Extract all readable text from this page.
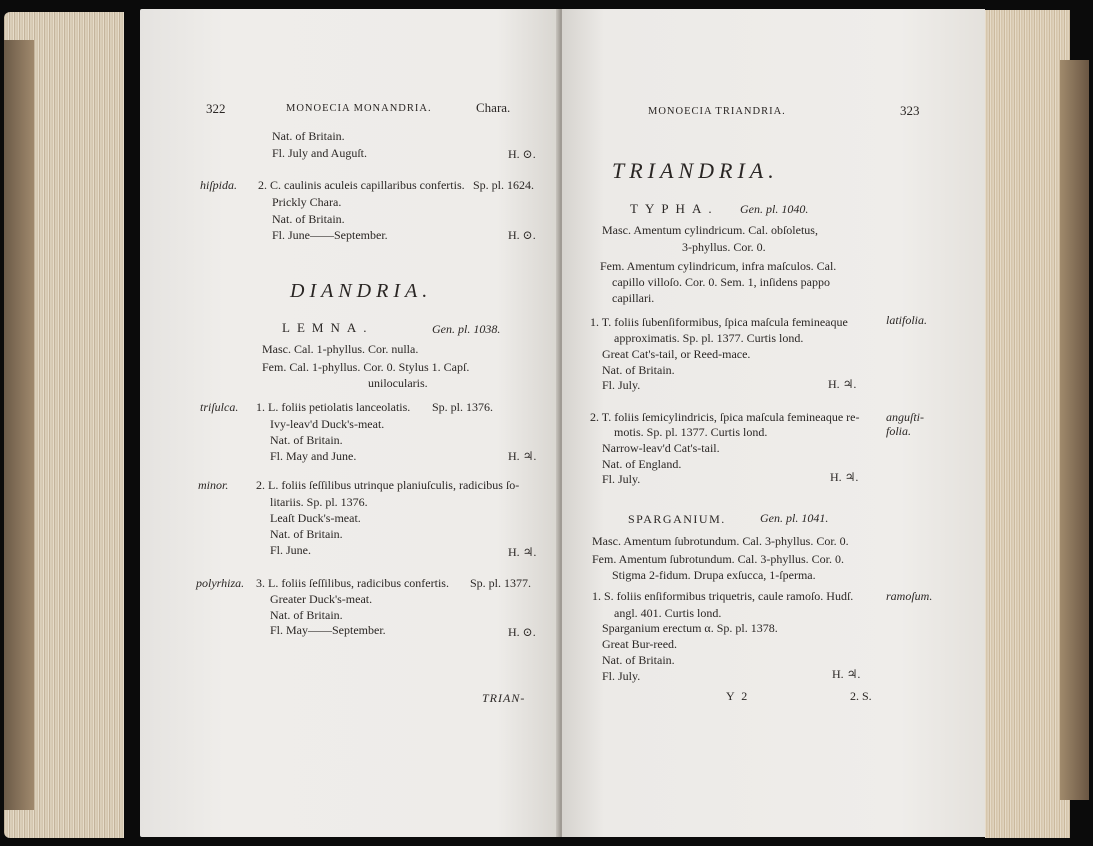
322	MONOECIA MONANDRIA.	Chara.
Nat. of Britain.
Fl. July and Auguſt.	H. ⊙.
hiſpida. 2. C. caulinis aculeis capillaribus confertis. Sp. pl. 1624.
Prickly Chara.
Nat. of Britain.
Fl. June——September.	H. ⊙.
DIANDRIA.
LEMNA.	Gen. pl. 1038.
Masc. Cal. 1-phyllus. Cor. nulla.
Fem. Cal. 1-phyllus. Cor. 0. Stylus 1. Capſ.
unilocularis.
triſulca. 1. L. foliis petiolatis lanceolatis. Sp. pl. 1376.
Ivy-leav'd Duck's-meat.
Nat. of Britain.
Fl. May and June.	H. ♃.
minor. 2. L. foliis ſeſſilibus utrinque planiuſculis, radicibus ſo-
litariis. Sp. pl. 1376.
Leaſt Duck's-meat.
Nat. of Britain.
Fl. June.	H. ♃.
polyrhiza. 3. L. foliis ſeſſilibus, radicibus confertis. Sp. pl. 1377.
Greater Duck's-meat.
Nat. of Britain.
Fl. May——September.	H. ⊙.
TRIAN-
MONOECIA TRIANDRIA.	323
TRIANDRIA.
TYPHA. Gen. pl. 1040.
Masc. Amentum cylindricum. Cal. obſoletus,
3-phyllus. Cor. 0.
Fem. Amentum cylindricum, infra maſculos. Cal.
capillo villoſo. Cor. 0. Sem. 1, inſidens pappo
capillari.
1. T. foliis ſubenſiformibus, ſpica maſcula femineaque	latifolia.
approximatis. Sp. pl. 1377. Curtis lond.
Great Cat's-tail, or Reed-mace.
Nat. of Britain.
Fl. July.	H. ♃.
2. T. foliis ſemicylindricis, ſpica maſcula femineaque re- anguſti-
folia.
motis. Sp. pl. 1377. Curtis lond.
Narrow-leav'd Cat's-tail.
Nat. of England.
Fl. July.	H. ♃.
SPARGANIUM.	Gen. pl. 1041.
Masc. Amentum ſubrotundum. Cal. 3-phyllus. Cor. 0.
Fem. Amentum ſubrotundum. Cal. 3-phyllus. Cor. 0.
Stigma 2-fidum. Drupa exſucca, 1-ſperma.
1. S. foliis enſiformibus triquetris, caule ramoſo. Hudſ.	ramoſum.
angl. 401. Curtis lond.
Sparganium erectum α. Sp. pl. 1378.
Great Bur-reed.
Nat. of Britain.
Fl. July.	H. ♃.
Y 2	2. S.
